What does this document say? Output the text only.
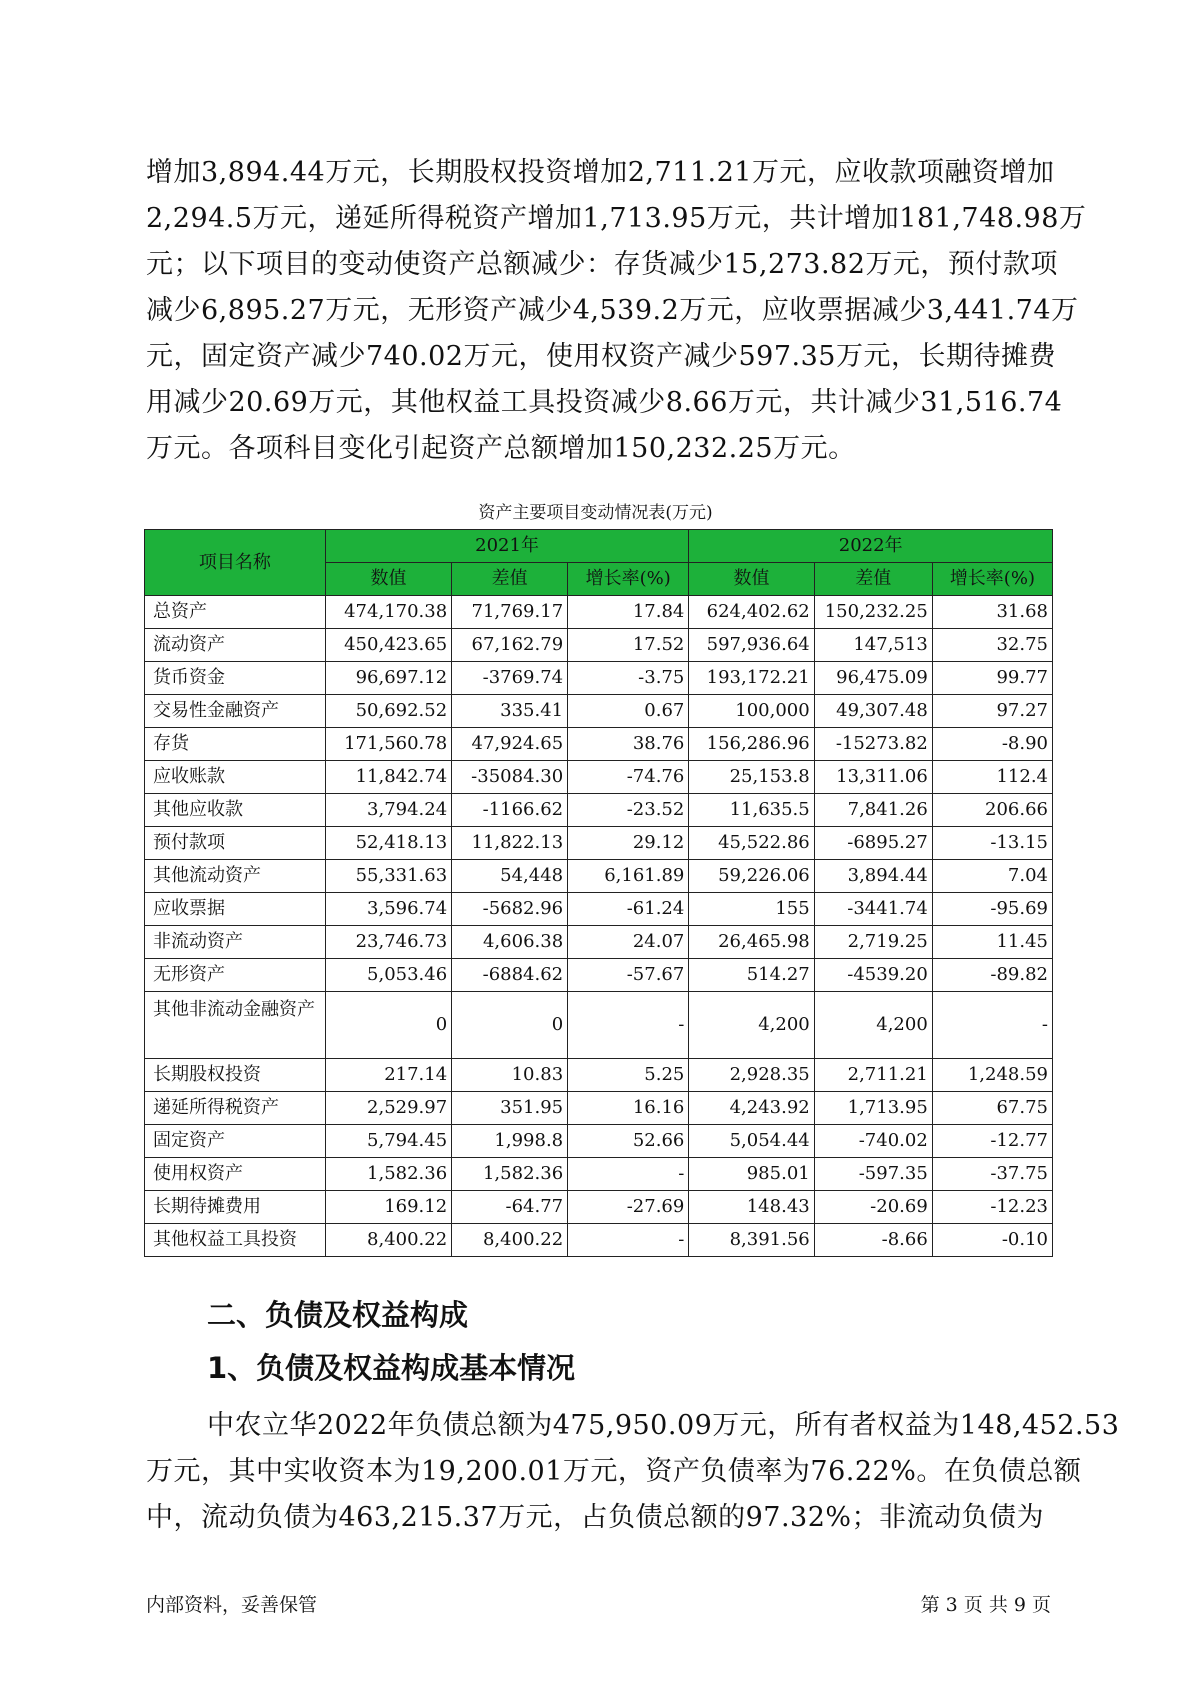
增加3,894.44万元，长期股权投资增加2,711.21万元，应收款项融资增加
2,294.5万元，递延所得税资产增加1,713.95万元，共计增加181,748.98万
元；以下项目的变动使资产总额减少：存货减少15,273.82万元，预付款项
减少6,895.27万元，无形资产减少4,539.2万元，应收票据减少3,441.74万
元，固定资产减少740.02万元，使用权资产减少597.35万元，长期待摊费
用减少20.69万元，其他权益工具投资减少8.66万元，共计减少31,516.74
万元。各项科目变化引起资产总额增加150,232.25万元。
资产主要项目变动情况表(万元)
项目名称	2021年			2022年		
	数值	差值	增长率(%)	数值	差值	增长率(%)
总资产	474,170.38	71,769.17	17.84	624,402.62	150,232.25	31.68
流动资产	450,423.65	67,162.79	17.52	597,936.64	147,513	32.75
货币资金	96,697.12	-3769.74	-3.75	193,172.21	96,475.09	99.77
交易性金融资产	50,692.52	335.41	0.67	100,000	49,307.48	97.27
存货	171,560.78	47,924.65	38.76	156,286.96	-15273.82	-8.90
应收账款	11,842.74	-35084.30	-74.76	25,153.8	13,311.06	112.4
其他应收款	3,794.24	-1166.62	-23.52	11,635.5	7,841.26	206.66
预付款项	52,418.13	11,822.13	29.12	45,522.86	-6895.27	-13.15
其他流动资产	55,331.63	54,448	6,161.89	59,226.06	3,894.44	7.04
应收票据	3,596.74	-5682.96	-61.24	155	-3441.74	-95.69
非流动资产	23,746.73	4,606.38	24.07	26,465.98	2,719.25	11.45
无形资产	5,053.46	-6884.62	-57.67	514.27	-4539.20	-89.82
其他非流动金融资产	0	0	-	4,200	4,200	-
长期股权投资	217.14	10.83	5.25	2,928.35	2,711.21	1,248.59
递延所得税资产	2,529.97	351.95	16.16	4,243.92	1,713.95	67.75
固定资产	5,794.45	1,998.8	52.66	5,054.44	-740.02	-12.77
使用权资产	1,582.36	1,582.36	-	985.01	-597.35	-37.75
长期待摊费用	169.12	-64.77	-27.69	148.43	-20.69	-12.23
其他权益工具投资	8,400.22	8,400.22	-	8,391.56	-8.66	-0.10
二、负债及权益构成
1、负债及权益构成基本情况
中农立华2022年负债总额为475,950.09万元，所有者权益为148,452.53
万元，其中实收资本为19,200.01万元，资产负债率为76.22%。在负债总额
中，流动负债为463,215.37万元，占负债总额的97.32%；非流动负债为
内部资料，妥善保管	第 3 页 共 9 页
